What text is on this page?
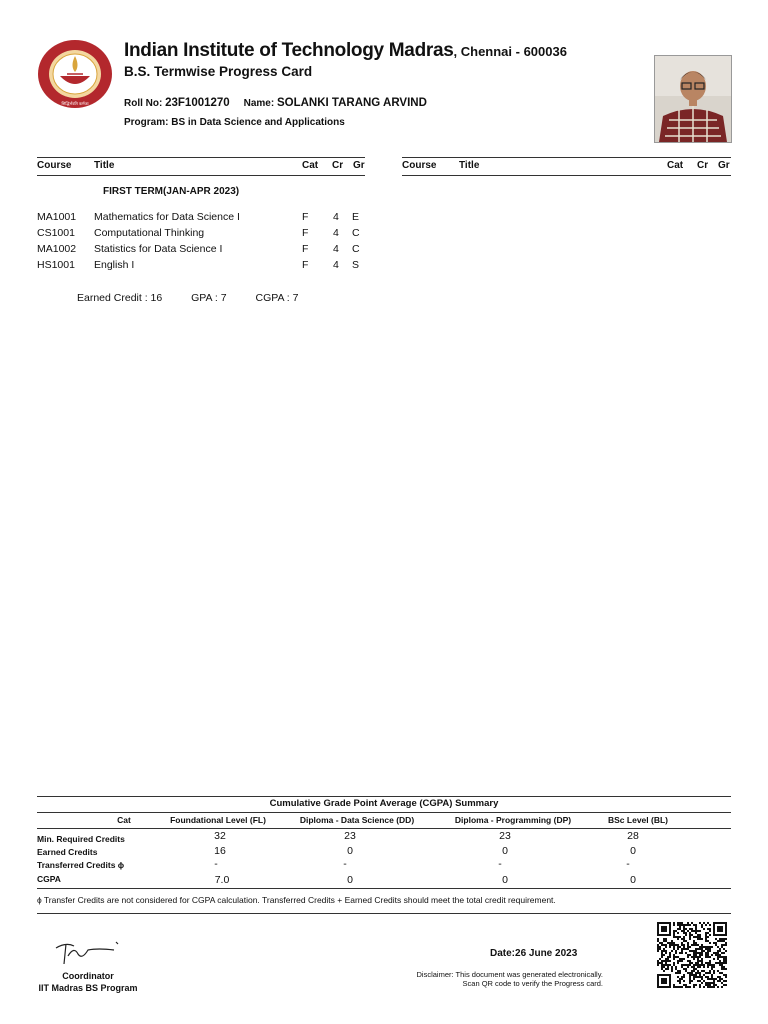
सिद्धिर्भवति कर्मजा
Indian Institute of Technology Madras, Chennai - 600036
B.S. Termwise Progress Card
Roll No: 23F1001270 Name: SOLANKI TARANG ARVIND
Program: BS in Data Science and Applications
Course Title	Cat Cr Gr	Course Title	Cat Cr Gr
FIRST TERM(JAN-APR 2023)
MA1001 Mathematics for Data Science I	F 4 E
CS1001 Computational Thinking	F 4 C
MA1002 Statistics for Data Science I	F 4 C
HS1001 English I	F 4 S
Earned Credit : 16	GPA : 7	CGPA : 7
Cumulative Grade Point Average (CGPA) Summary
Cat	Foundational Level (FL)	Diploma - Data Science (DD)	Diploma - Programming (DP)	BSc Level (BL)
Min. Required Credits	32	23	23	28
Earned Credits	16	0	0	0
Transferred Credits ɸ	-	-	-	-
CGPA	7.0	0	0	0
ɸ Transfer Credits are not considered for CGPA calculation. Transferred Credits + Earned Credits should meet the total credit requirement.
Coordinator
IIT Madras BS Program
Date:26 June 2023
Disclaimer: This document was generated electronically.
Scan QR code to verify the Progress card.
